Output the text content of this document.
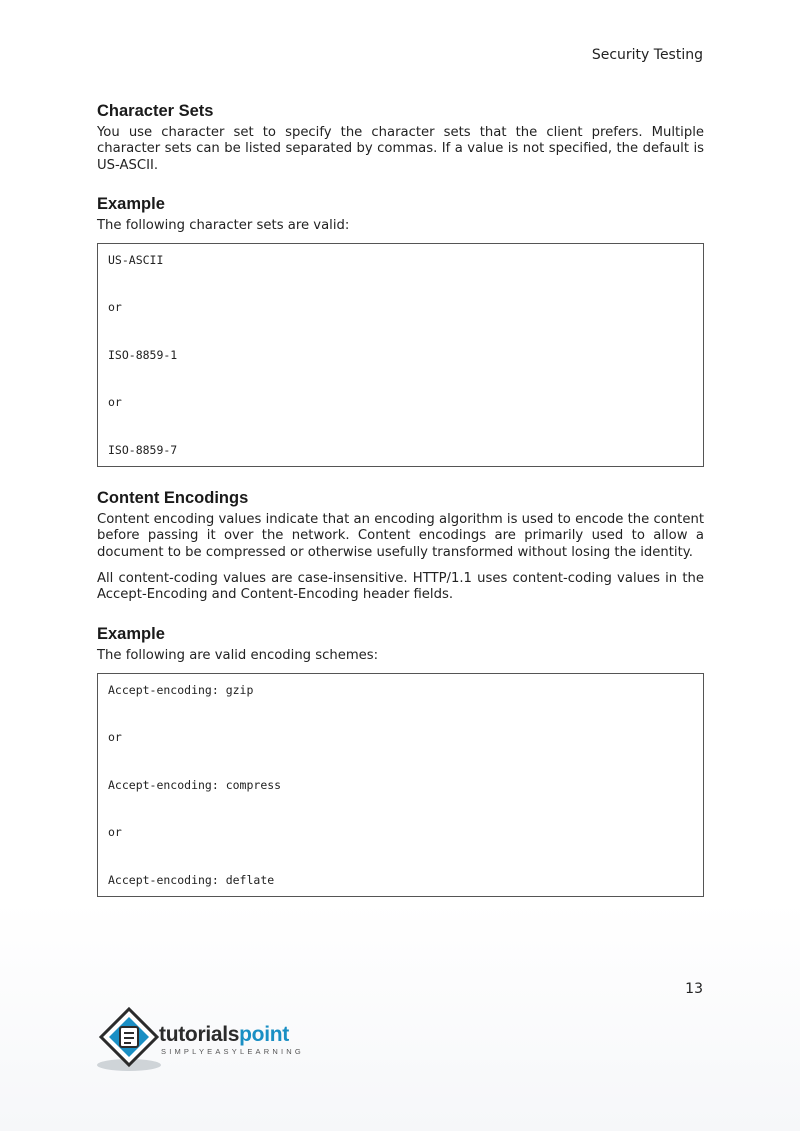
Security Testing
Character Sets

You use character set to specify the character sets that the client prefers. Multiple character sets can be listed separated by commas. If a value is not specified, the default is US-ASCII.

Example

The following character sets are valid:

US-ASCII
or
ISO-8859-1
or
ISO-8859-7
Content Encodings

Content encoding values indicate that an encoding algorithm is used to encode the content before passing it over the network. Content encodings are primarily used to allow a document to be compressed or otherwise usefully transformed without losing the identity.

All content-coding values are case-insensitive. HTTP/1.1 uses content-coding values in the Accept-Encoding and Content-Encoding header fields.

Example

The following are valid encoding schemes:

Accept-encoding: gzip
or
Accept-encoding: compress
or
Accept-encoding: deflate
13
tutorialspoint
SIMPLYEASYLEARNING
